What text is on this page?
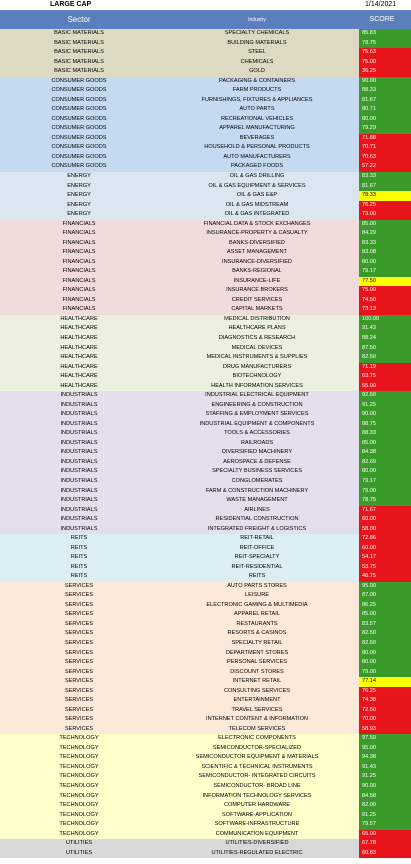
LARGE CAP	1/14/2021
Sector	Industry	SCORE
BASIC MATERIALS	SPECIALTY CHEMICALS	85.83
BASIC MATERIALS	BUILDING MATERIALS	78.75
BASIC MATERIALS	STEEL	75.63
BASIC MATERIALS	CHEMICALS	75.00
BASIC MATERIALS	GOLD	36.25
CONSUMER GOODS	PACKAGING & CONTAINERS	90.00
CONSUMER GOODS	FARM PRODUCTS	88.33
CONSUMER GOODS	FURNISHINGS, FIXTURES & APPLIANCES	81.67
CONSUMER GOODS	AUTO PARTS	80.71
CONSUMER GOODS	RECREATIONAL VEHICLES	80.00
CONSUMER GOODS	APPAREL MANUFACTURING	79.29
CONSUMER GOODS	BEVERAGES	71.88
CONSUMER GOODS	HOUSEHOLD & PERSONAL PRODUCTS	70.71
CONSUMER GOODS	AUTO MANUFACTURERS	70.63
CONSUMER GOODS	PACKAGED FOODS	57.22
ENERGY	OIL & GAS DRILLING	83.33
ENERGY	OIL & GAS EQUIPMENT & SERVICES	81.67
ENERGY	OIL & GAS E&P	78.33
ENERGY	OIL & GAS MIDSTREAM	76.25
ENERGY	OIL & GAS INTEGRATED	73.00
FINANCIALS	FINANCIAL DATA & STOCK EXCHANGES	85.00
FINANCIALS	INSURANCE-PROPERTY & CASUALTY	84.29
FINANCIALS	BANKS-DIVERSIFIED	83.33
FINANCIALS	ASSET MANAGEMENT	83.08
FINANCIALS	INSURANCE-DIVERSIFIED	80.00
FINANCIALS	BANKS-REGIONAL	79.17
FINANCIALS	INSURANCE-LIFE	77.50
FINANCIALS	INSURANCE BROKERS	75.00
FINANCIALS	CREDIT SERVICES	74.50
FINANCIALS	CAPITAL MARKETS	73.13
HEALTHCARE	MEDICAL DISTRIBUTION	100.00
HEALTHCARE	HEALTHCARE PLANS	91.43
HEALTHCARE	DIAGNOSTICS & RESEARCH	88.24
HEALTHCARE	MEDICAL DEVICES	87.50
HEALTHCARE	MEDICAL INSTRUMENTS & SUPPLIES	82.50
HEALTHCARE	DRUG MANUFACTURERS	71.19
HEALTHCARE	BIOTECHNOLOGY	63.75
HEALTHCARE	HEALTH INFORMATION SERVICES	55.00
INDUSTRIALS	INDUSTRIAL ELECTRICAL EQUIPMENT	92.50
INDUSTRIALS	ENGINEERING & CONSTRUCTION	91.25
INDUSTRIALS	STAFFING & EMPLOYMENT SERVICES	90.00
INDUSTRIALS	INDUSTRIAL EQUIPMENT & COMPONENTS	88.75
INDUSTRIALS	TOOLS & ACCESSORIES	88.33
INDUSTRIALS	RAILROADS	85.00
INDUSTRIALS	DIVERSIFIED MACHINERY	84.38
INDUSTRIALS	AEROSPACE & DEFENSE	82.69
INDUSTRIALS	SPECIALTY BUSINESS SERVICES	80.00
INDUSTRIALS	CONGLOMERATES	79.17
INDUSTRIALS	FARM & CONSTRUCTION MACHINERY	79.00
INDUSTRIALS	WASTE MANAGEMENT	78.75
INDUSTRIALS	AIRLINES	71.67
INDUSTRIALS	RESIDENTIAL CONSTRUCTION	60.00
INDUSTRIALS	INTEGRATED FREIGHT & LOGISTICS	58.00
REITS	REIT-RETAIL	72.86
REITS	REIT-OFFICE	60.00
REITS	REIT-SPECIALTY	54.17
REITS	REIT-RESIDENTIAL	53.75
REITS	REITS	48.75
SERVICES	AUTO PARTS STORES	95.00
SERVICES	LEISURE	87.00
SERVICES	ELECTRONIC GAMING & MULTIMEDIA	86.25
SERVICES	APPAREL RETAIL	85.00
SERVICES	RESTAURANTS	83.57
SERVICES	RESORTS & CASINOS	82.50
SERVICES	SPECIALTY RETAIL	82.50
SERVICES	DEPARTMENT STORES	80.00
SERVICES	PERSONAL SERVICES	80.00
SERVICES	DISCOUNT STORES	79.00
SERVICES	INTERNET RETAIL	77.14
SERVICES	CONSULTING SERVICES	76.25
SERVICES	ENTERTAINMENT	74.38
SERVICES	TRAVEL SERVICES	72.50
SERVICES	INTERNET CONTENT & INFORMATION	70.00
SERVICES	TELECOM SERVICES	58.93
TECHNOLOGY	ELECTRONIC COMPONENTS	97.50
TECHNOLOGY	SEMICONDUCTOR-SPECIALIZED	95.00
TECHNOLOGY	SEMICONDUCTOR EQUIPMENT & MATERIALS	94.38
TECHNOLOGY	SCIENTIFIC & TECHNICAL INSTRUMENTS	91.43
TECHNOLOGY	SEMICONDUCTOR- INTEGRATED CIRCUITS	91.25
TECHNOLOGY	SEMICONDUCTOR- BROAD LINE	90.00
TECHNOLOGY	INFORMATION TECHNOLOGY SERVICES	84.58
TECHNOLOGY	COMPUTER HARDWARE	82.00
TECHNOLOGY	SOFTWARE-APPLICATION	81.25
TECHNOLOGY	SOFTWARE-INFRASTRUCTURE	79.57
TECHNOLOGY	COMMUNICATION EQUIPMENT	65.00
UTILITIES	UTILITIES-DIVERSIFIED	67.78
UTILITIES	UTILITIES-REGULATED ELECTRIC	60.83
